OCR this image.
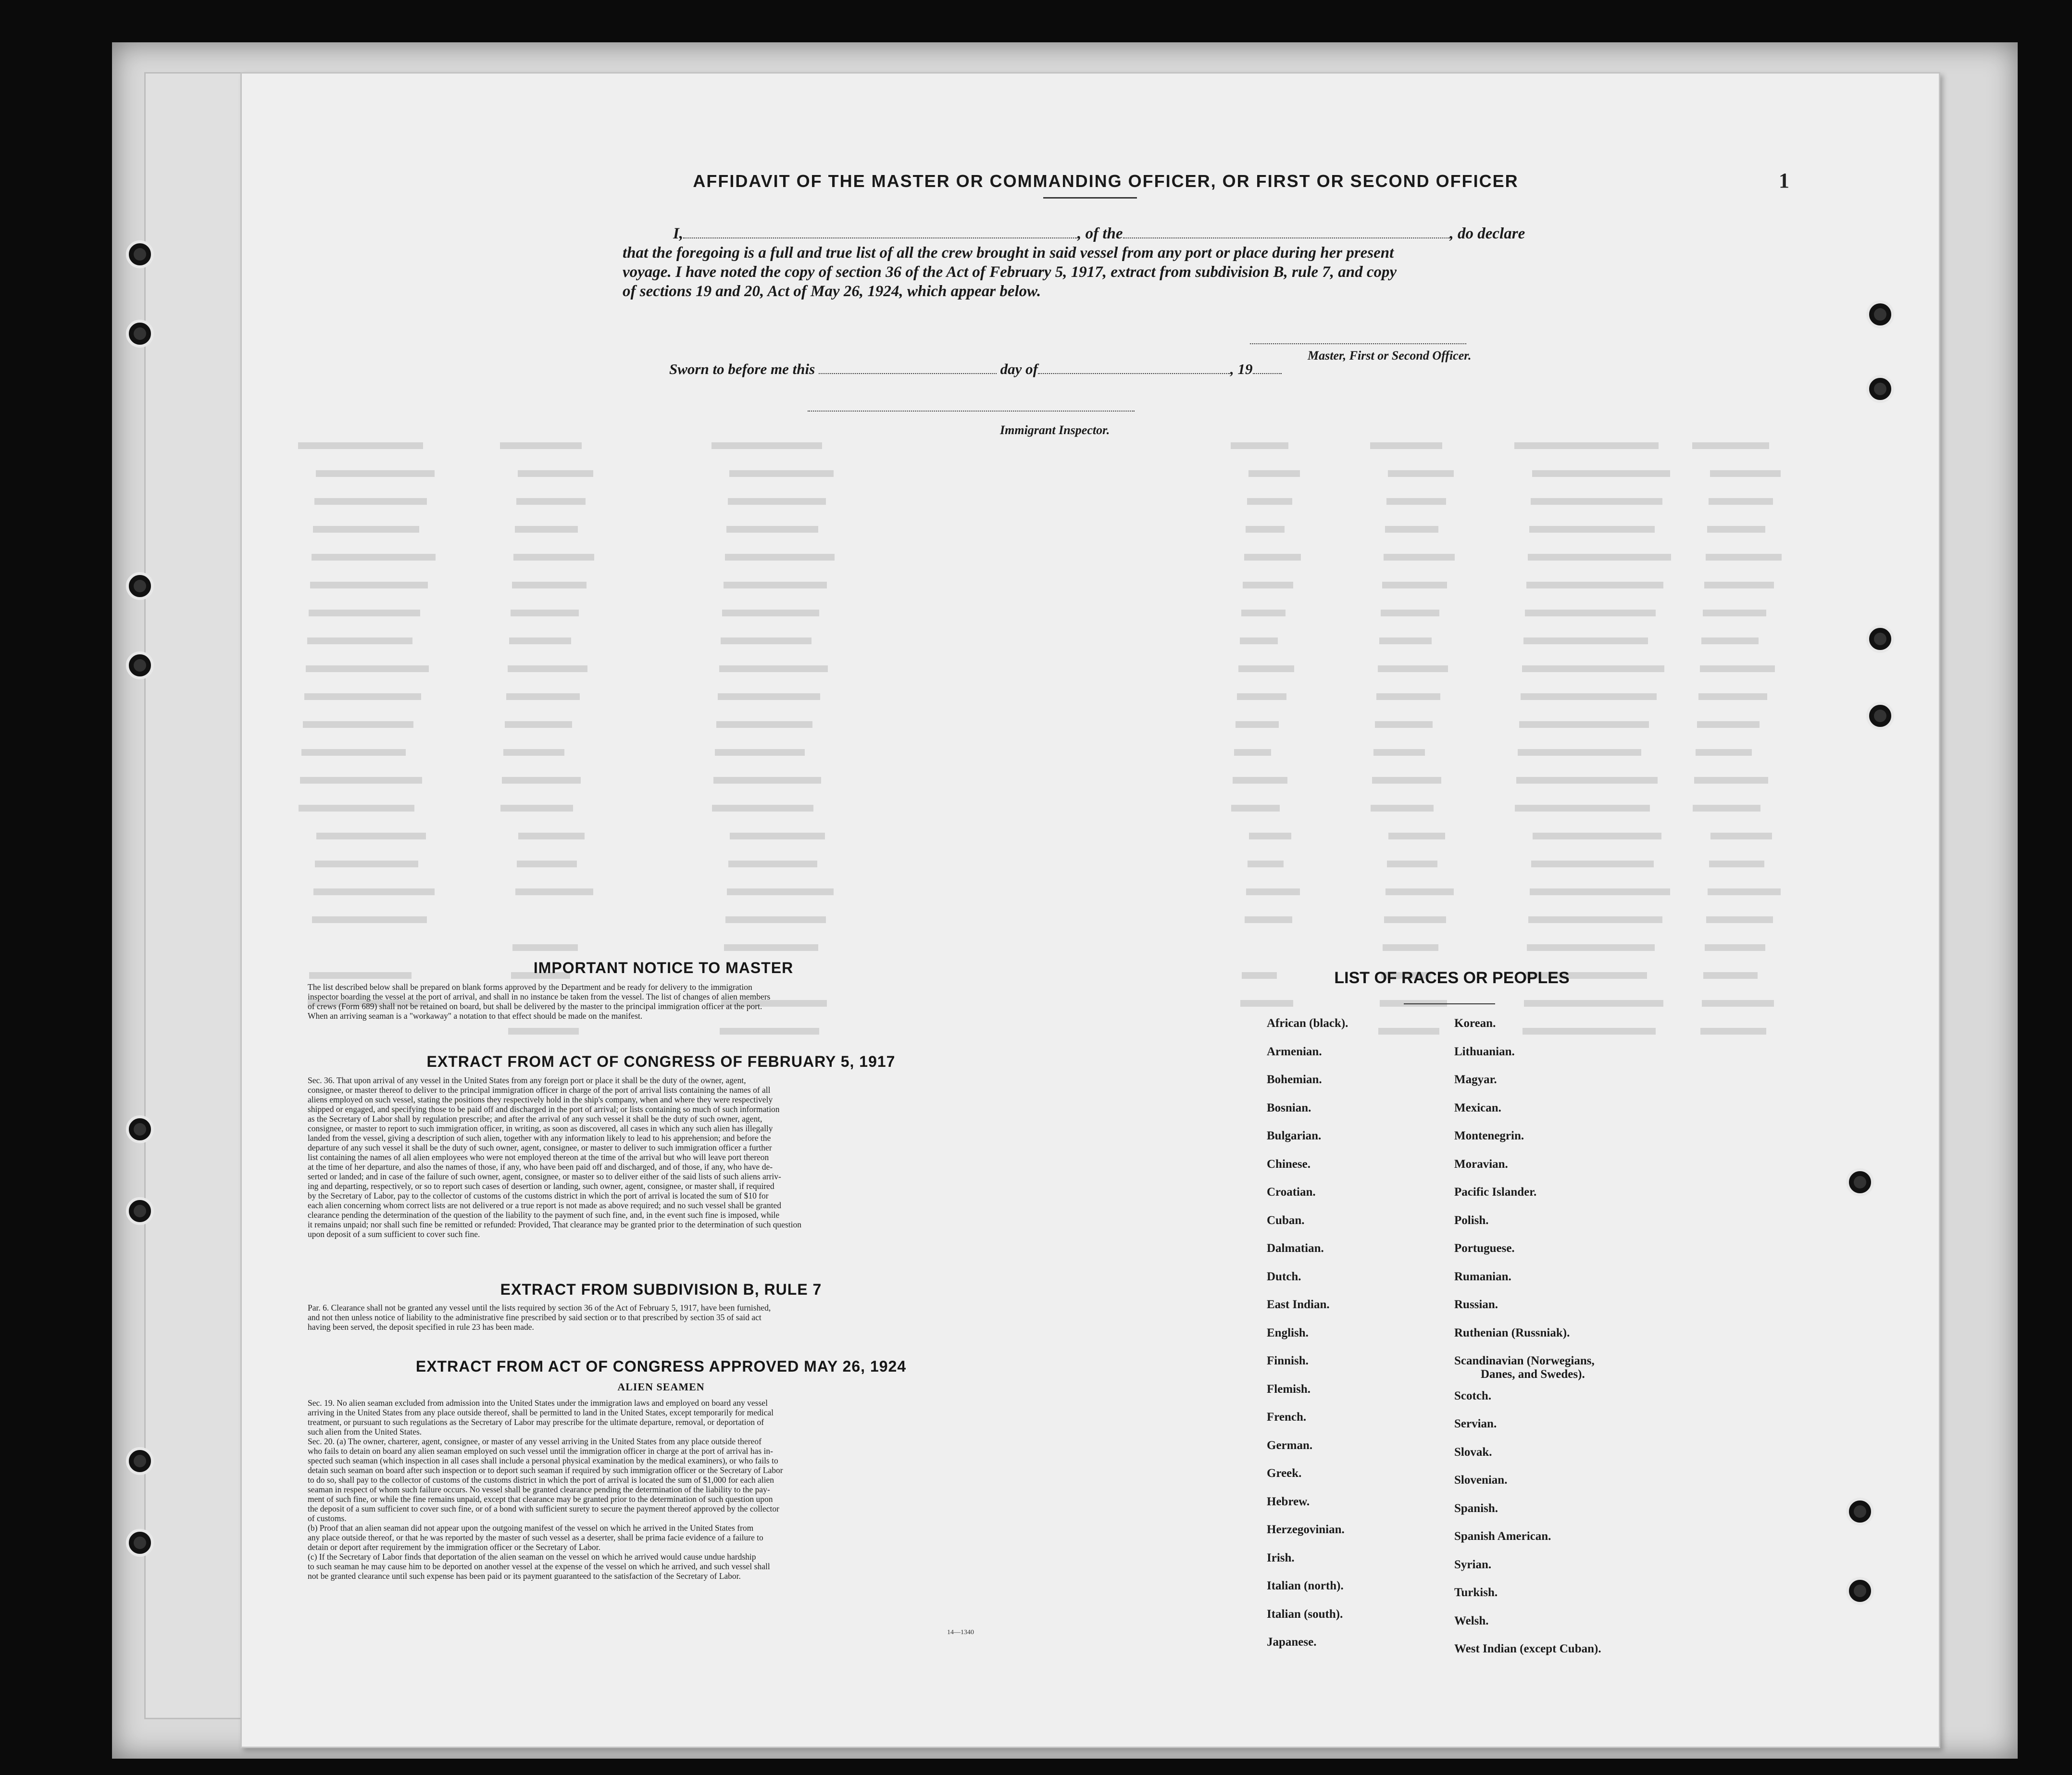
1
AFFIDAVIT OF THE MASTER OR COMMANDING OFFICER, OR FIRST OR SECOND OFFICER
I,	, of the	, do declare
that the foregoing is a full and true list of all the crew brought in said vessel from any port or place during her present
voyage. I have noted the copy of section 36 of the Act of February 5, 1917, extract from subdivision B, rule 7, and copy
of sections 19 and 20, Act of May 26, 1924, which appear below.
Master, First or Second Officer.
Sworn to before me this	day of	, 19
Immigrant Inspector.
IMPORTANT NOTICE TO MASTER
The list described below shall be prepared on blank forms approved by the Department and be ready for delivery to the immigration
inspector boarding the vessel at the port of arrival, and shall in no instance be taken from the vessel. The list of changes of alien members
of crews (Form 689) shall not be retained on board, but shall be delivered by the master to the principal immigration officer at the port.
When an arriving seaman is a "workaway" a notation to that effect should be made on the manifest.
EXTRACT FROM ACT OF CONGRESS OF FEBRUARY 5, 1917
Sec. 36. That upon arrival of any vessel in the United States from any foreign port or place it shall be the duty of the owner, agent,
consignee, or master thereof to deliver to the principal immigration officer in charge of the port of arrival lists containing the names of all
aliens employed on such vessel, stating the positions they respectively hold in the ship's company, when and where they were respectively
shipped or engaged, and specifying those to be paid off and discharged in the port of arrival; or lists containing so much of such information
as the Secretary of Labor shall by regulation prescribe; and after the arrival of any such vessel it shall be the duty of such owner, agent,
consignee, or master to report to such immigration officer, in writing, as soon as discovered, all cases in which any such alien has illegally
landed from the vessel, giving a description of such alien, together with any information likely to lead to his apprehension; and before the
departure of any such vessel it shall be the duty of such owner, agent, consignee, or master to deliver to such immigration officer a further
list containing the names of all alien employees who were not employed thereon at the time of the arrival but who will leave port thereon
at the time of her departure, and also the names of those, if any, who have been paid off and discharged, and of those, if any, who have de-
serted or landed; and in case of the failure of such owner, agent, consignee, or master so to deliver either of the said lists of such aliens arriv-
ing and departing, respectively, or so to report such cases of desertion or landing, such owner, agent, consignee, or master shall, if required
by the Secretary of Labor, pay to the collector of customs of the customs district in which the port of arrival is located the sum of $10 for
each alien concerning whom correct lists are not delivered or a true report is not made as above required; and no such vessel shall be granted
clearance pending the determination of the question of the liability to the payment of such fine, and, in the event such fine is imposed, while
it remains unpaid; nor shall such fine be remitted or refunded: Provided, That clearance may be granted prior to the determination of such question
upon deposit of a sum sufficient to cover such fine.
EXTRACT FROM SUBDIVISION B, RULE 7
Par. 6. Clearance shall not be granted any vessel until the lists required by section 36 of the Act of February 5, 1917, have been furnished,
and not then unless notice of liability to the administrative fine prescribed by said section or to that prescribed by section 35 of said act
having been served, the deposit specified in rule 23 has been made.
EXTRACT FROM ACT OF CONGRESS APPROVED MAY 26, 1924
ALIEN SEAMEN
Sec. 19. No alien seaman excluded from admission into the United States under the immigration laws and employed on board any vessel
arriving in the United States from any place outside thereof, shall be permitted to land in the United States, except temporarily for medical
treatment, or pursuant to such regulations as the Secretary of Labor may prescribe for the ultimate departure, removal, or deportation of
such alien from the United States.
Sec. 20. (a) The owner, charterer, agent, consignee, or master of any vessel arriving in the United States from any place outside thereof
who fails to detain on board any alien seaman employed on such vessel until the immigration officer in charge at the port of arrival has in-
spected such seaman (which inspection in all cases shall include a personal physical examination by the medical examiners), or who fails to
detain such seaman on board after such inspection or to deport such seaman if required by such immigration officer or the Secretary of Labor
to do so, shall pay to the collector of customs of the customs district in which the port of arrival is located the sum of $1,000 for each alien
seaman in respect of whom such failure occurs. No vessel shall be granted clearance pending the determination of the liability to the pay-
ment of such fine, or while the fine remains unpaid, except that clearance may be granted prior to the determination of such question upon
the deposit of a sum sufficient to cover such fine, or of a bond with sufficient surety to secure the payment thereof approved by the collector
of customs.
(b) Proof that an alien seaman did not appear upon the outgoing manifest of the vessel on which he arrived in the United States from
any place outside thereof, or that he was reported by the master of such vessel as a deserter, shall be prima facie evidence of a failure to
detain or deport after requirement by the immigration officer or the Secretary of Labor.
(c) If the Secretary of Labor finds that deportation of the alien seaman on the vessel on which he arrived would cause undue hardship
to such seaman he may cause him to be deported on another vessel at the expense of the vessel on which he arrived, and such vessel shall
not be granted clearance until such expense has been paid or its payment guaranteed to the satisfaction of the Secretary of Labor.
14—1340
LIST OF RACES OR PEOPLES
African (black).
Armenian.
Bohemian.
Bosnian.
Bulgarian.
Chinese.
Croatian.
Cuban.
Dalmatian.
Dutch.
East Indian.
English.
Finnish.
Flemish.
French.
German.
Greek.
Hebrew.
Herzegovinian.
Irish.
Italian (north).
Italian (south).
Japanese.
Korean.
Lithuanian.
Magyar.
Mexican.
Montenegrin.
Moravian.
Pacific Islander.
Polish.
Portuguese.
Rumanian.
Russian.
Ruthenian (Russniak).
Scandinavian (Norwegians,
Scotch.
Servian.
Slovak.
Slovenian.
Spanish.
Spanish American.
Syrian.
Turkish.
Welsh.
West Indian (except Cuban).
Danes, and Swedes).
